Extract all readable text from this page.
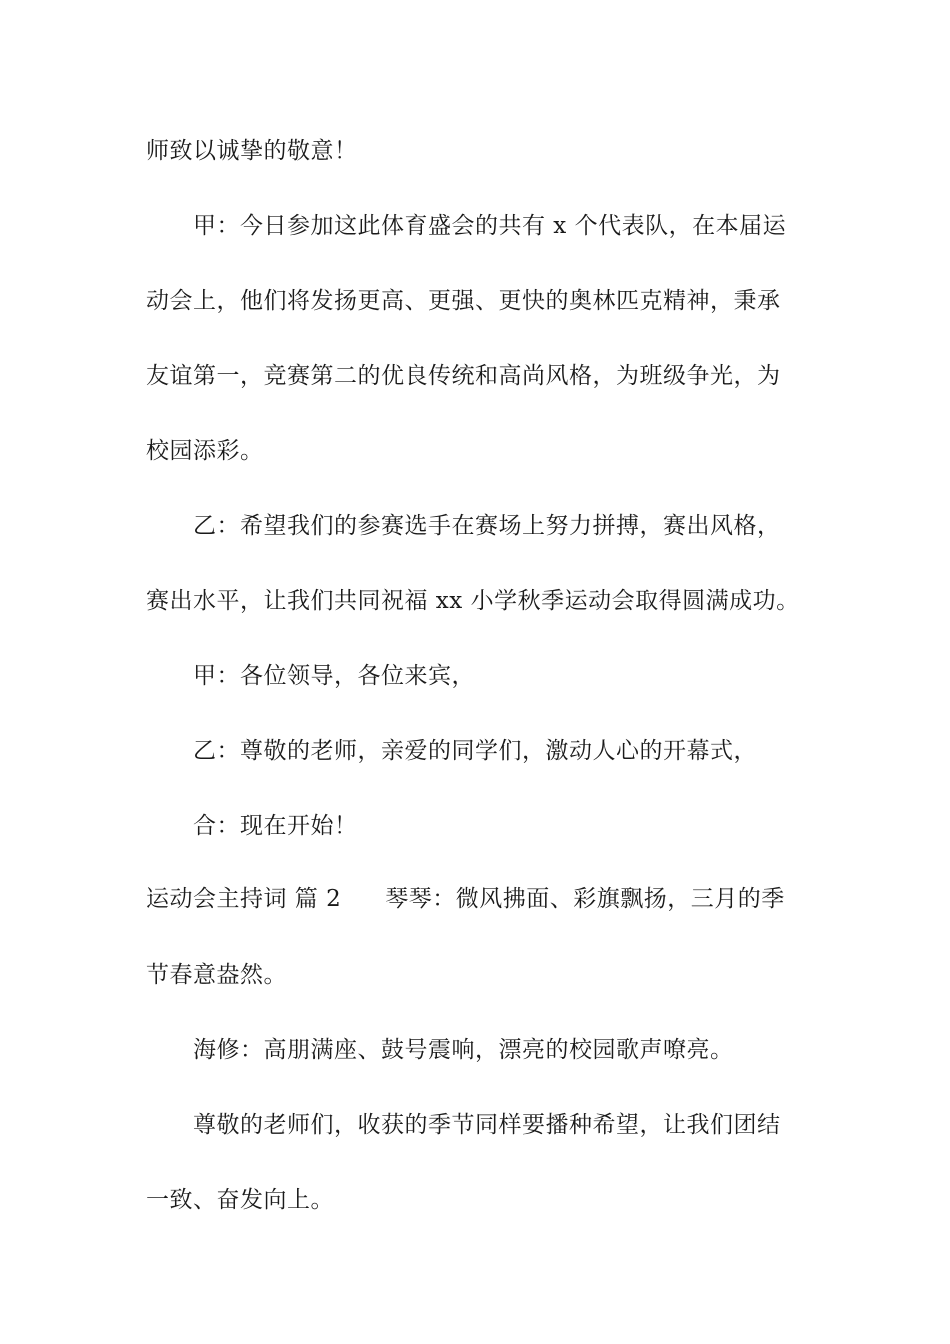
师致以诚挚的敬意！
甲：今日参加这此体育盛会的共有 x 个代表队，在本届运
动会上，他们将发扬更高、更强、更快的奥林匹克精神，秉承
友谊第一，竞赛第二的优良传统和高尚风格，为班级争光，为
校园添彩。
乙：希望我们的参赛选手在赛场上努力拼搏，赛出风格，
赛出水平，让我们共同祝福 xx 小学秋季运动会取得圆满成功。
甲：各位领导，各位来宾，
乙：尊敬的老师，亲爱的同学们，激动人心的开幕式，
合：现在开始！
运动会主持词 篇 2 琴琴：微风拂面、彩旗飘扬，三月的季
节春意盎然。
海修：高朋满座、鼓号震响，漂亮的校园歌声嘹亮。
尊敬的老师们，收获的季节同样要播种希望，让我们团结
一致、奋发向上。
